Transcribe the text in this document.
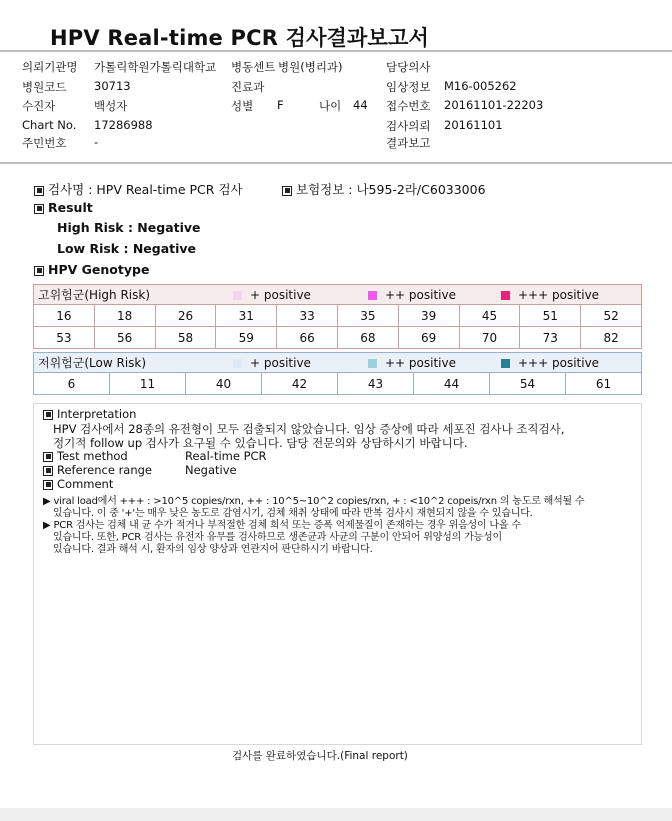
HPV Real-time PCR 검사결과보고서
의뢰기관명 가톨릭학원가톨릭대학교 병동센트 병원(병리과)	담당의사
병원코드 30713	진료과	임상정보 M16-005262
수진자	백성자	성별 F	나이 44 접수번호 20161101-22203
Chart No. 17286988	검사의뢰 20161101
주민번호 -	결과보고
검사명 : HPV Real-time PCR 검사	보험정보 : 나595-2라/C6033006
Result
High Risk : Negative
Low Risk : Negative
HPV Genotype
고위험군(High Risk)	+ positive	++ positive	+++ positive
16	18	26	31	33	35	39	45	51	52
53	56	58	59	66	68	69	70	73	82
저위험군(Low Risk)	+ positive	++ positive	+++ positive
6	11	40	42	43	44	54	61
Interpretation
HPV 검사에서 28종의 유전형이 모두 검출되지 않았습니다. 임상 증상에 따라 세포진 검사나 조직검사,
정기적 follow up 검사가 요구될 수 있습니다. 담당 전문의와 상담하시기 바랍니다.
Test method	Real-time PCR
Reference range	Negative
Comment
▶ viral load에서 +++ : >10^5 copies/rxn, ++ : 10^5~10^2 copies/rxn, + : <10^2 copeis/rxn 의 농도로 해석될 수
있습니다. 이 중 '+'는 매우 낮은 농도로 감염시기, 검체 채취 상태에 따라 반복 검사시 재현되지 않을 수 있습니다.
▶ PCR 검사는 검체 내 균 수가 적거나 부적절한 검체 희석 또는 증폭 억제물질이 존재하는 경우 위음성이 나올 수
있습니다. 또한, PCR 검사는 유전자 유무를 검사하므로 생존균과 사균의 구분이 안되어 위양성의 가능성이
있습니다. 결과 해석 시, 환자의 임상 양상과 연관지어 판단하시기 바랍니다.
검사를 완료하였습니다.(Final report)
